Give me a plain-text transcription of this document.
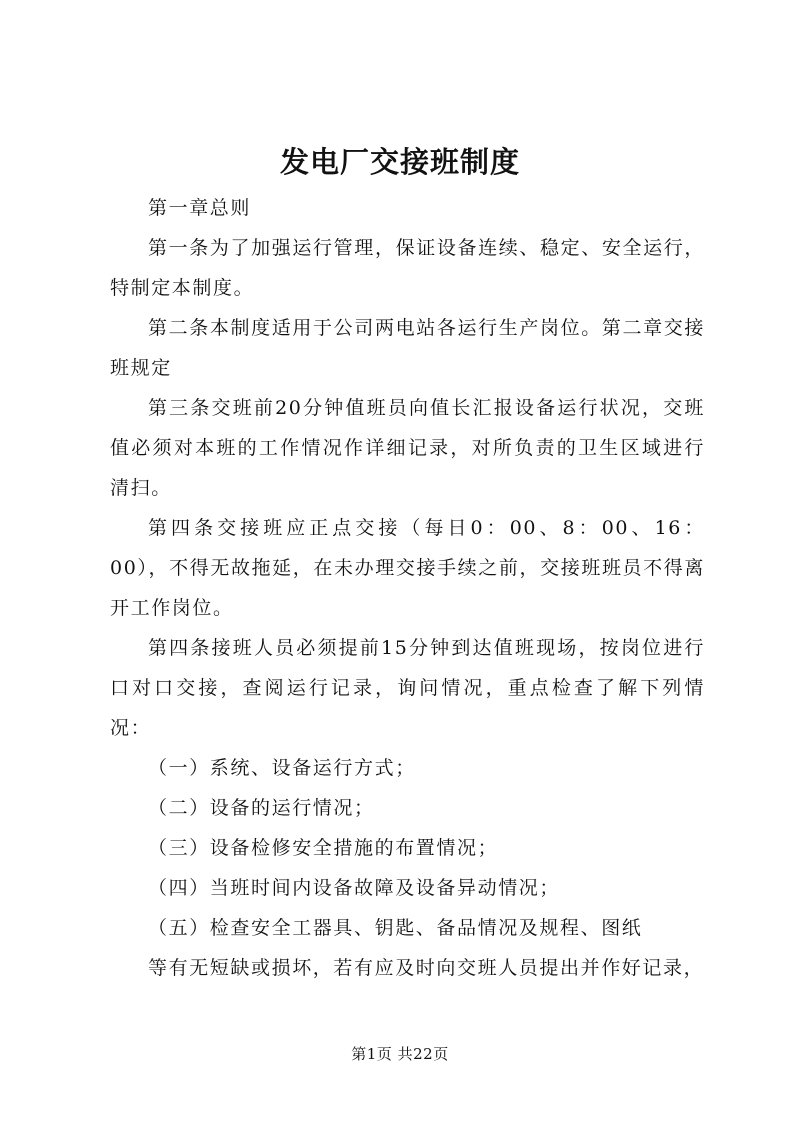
发电厂交接班制度

第一章总则

第一条为了加强运行管理，保证设备连续、稳定、安全运行，特制定本制度。

第二条本制度适用于公司两电站各运行生产岗位。第二章交接班规定

第三条交班前20分钟值班员向值长汇报设备运行状况，交班值必须对本班的工作情况作详细记录，对所负责的卫生区域进行清扫。

第四条交接班应正点交接（每日0：00、8：00、16：00），不得无故拖延，在未办理交接手续之前，交接班班员不得离开工作岗位。

第四条接班人员必须提前15分钟到达值班现场，按岗位进行口对口交接，查阅运行记录，询问情况，重点检查了解下列情况：

（一）系统、设备运行方式；

（二）设备的运行情况；

（三）设备检修安全措施的布置情况；

（四）当班时间内设备故障及设备异动情况；

（五）检查安全工器具、钥匙、备品情况及规程、图纸

等有无短缺或损坏，若有应及时向交班人员提出并作好记录，

第1页 共22页
